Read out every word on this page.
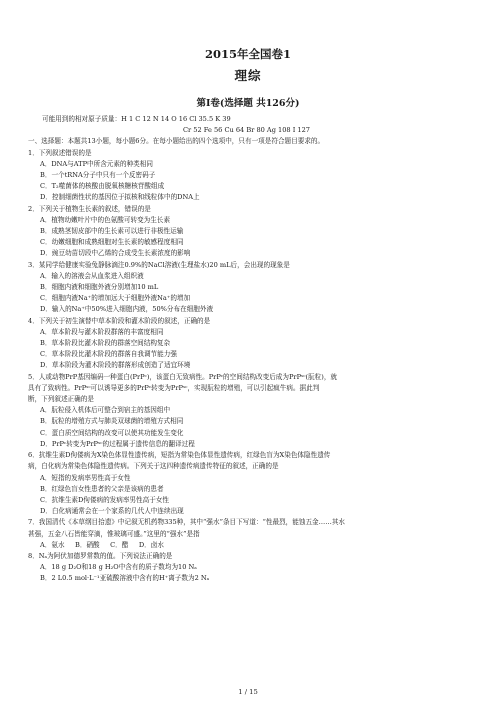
2015年全国卷1
理综
第Ⅰ卷(选择题 共126分)
可能用到的相对原子质量：H 1 C 12 N 14 O 16 Cl 35.5 K 39
Cr 52 Fe 56 Cu 64 Br 80 Ag 108 I 127
一、选择题：本题共13小题，每小题6分。在每小题给出的四个选项中，只有一项是符合题目要求的。
1．下列叙述错误的是
A．DNA与ATP中所含元素的种类相同
B．一个tRNA分子中只有一个反密码子
C．T₂噬菌体的核酸由脱氧核糖核苷酸组成
D．控制细菌性状的基因位于拟核和线粒体中的DNA上
2．下列关于植物生长素的叙述，错误的是
A．植物幼嫩叶片中的色氨酸可转变为生长素
B．成熟茎韧皮部中的生长素可以进行非极性运输
C．幼嫩细胞和成熟细胞对生长素的敏感程度相同
D．豌豆幼苗切段中乙烯的合成受生长素浓度的影响
3．某同学给健康实验兔静脉滴注0.9%的NaCl溶液(生理盐水)20 mL后，会出现的现象是
A．输入的溶液会从血浆进入组织液
B．细胞内液和细胞外液分别增加10 mL
C．细胞内液Na⁺的增加远大于细胞外液Na⁺的增加
D．输入的Na⁺中50%进入细胞内液，50%分布在细胞外液
4．下列关于初生演替中草本阶段和灌木阶段的叙述，正确的是
A．草本阶段与灌木阶段群落的丰富度相同
B．草本阶段比灌木阶段的群落空间结构复杂
C．草本阶段比灌木阶段的群落自我调节能力强
D．草本阶段为灌木阶段的群落形成创造了适宜环境
5．人或动物PrP基因编码一种蛋白(PrPᶜ)，该蛋白无致病性。PrPᶜ的空间结构改变后成为PrPˢᶜ(朊粒)，就
具有了致病性。PrPˢᶜ可以诱导更多的PrPᶜ转变为PrPˢᶜ，实现朊粒的增殖，可以引起疯牛病。据此判
断，下列叙述正确的是
A．朊粒侵入机体后可整合到宿主的基因组中
B．朊粒的增殖方式与肺炎双球菌的增殖方式相同
C．蛋白质空间结构的改变可以使其功能发生变化
D．PrPᶜ转变为PrPˢᶜ的过程属于遗传信息的翻译过程
6．抗维生素D佝偻病为X染色体显性遗传病，短指为常染色体显性遗传病，红绿色盲为X染色体隐性遗传
病，白化病为常染色体隐性遗传病。下列关于这四种遗传病遗传特征的叙述，正确的是
A．短指的发病率男性高于女性
B．红绿色盲女性患者的父亲是该病的患者
C．抗维生素D佝偻病的发病率男性高于女性
D．白化病通常会在一个家系的几代人中连续出现
7．我国清代《本草纲目拾遗》中记叙无机药物335种，其中“强水”条目下写道：“性最烈，能蚀五金……其水
甚强，五金八石皆能穿滴，惟玻璃可盛。”这里的“强水”是指
A．氨水     B．硝酸     C．醋     D．卤水
8．Nₐ为阿伏加德罗常数的值。下列说法正确的是
A．18 g D₂O和18 g H₂O中含有的质子数均为10 Nₐ
B．2 L0.5 mol·L⁻¹亚硫酸溶液中含有的H⁺离子数为2 Nₐ
1 / 15
